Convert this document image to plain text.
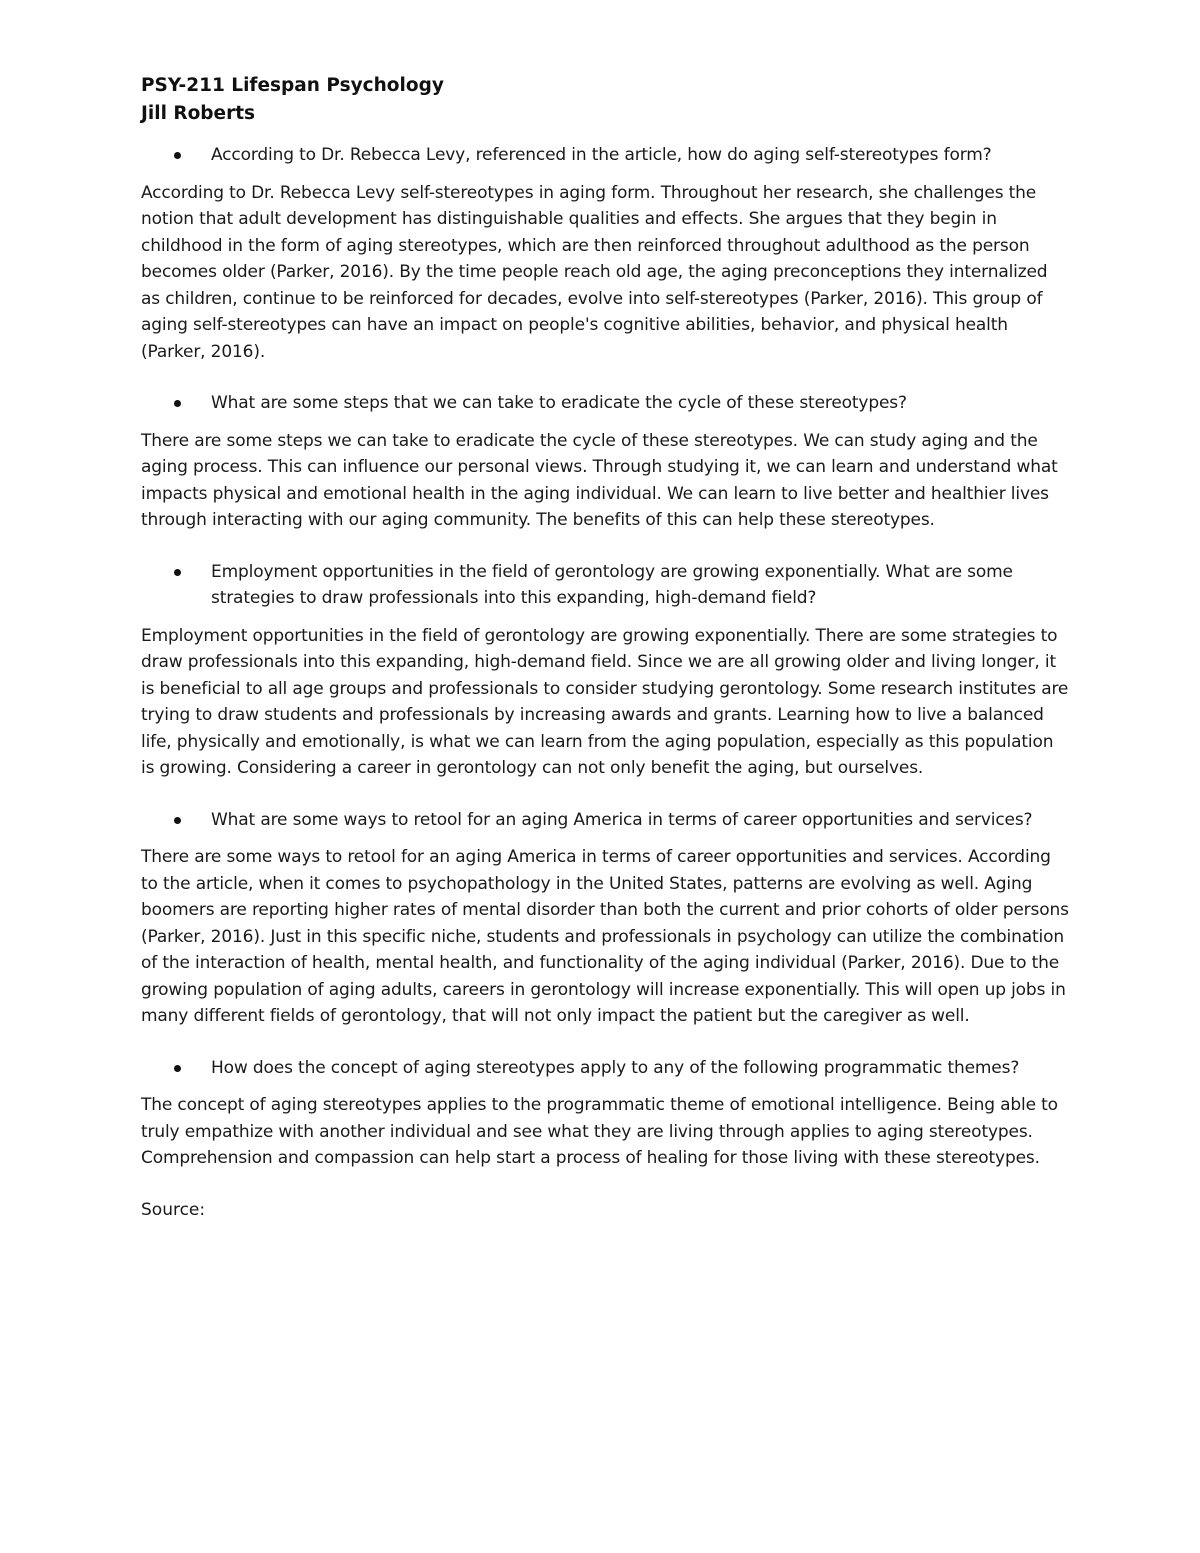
PSY-211 Lifespan Psychology
Jill Roberts
According to Dr. Rebecca Levy, referenced in the article, how do aging self-stereotypes form?

According to Dr. Rebecca Levy self-stereotypes in aging form. Throughout her research, she challenges the notion that adult development has distinguishable qualities and effects. She argues that they begin in childhood in the form of aging stereotypes, which are then reinforced throughout adulthood as the person becomes older (Parker, 2016). By the time people reach old age, the aging preconceptions they internalized as children, continue to be reinforced for decades, evolve into self-stereotypes (Parker, 2016). This group of aging self-stereotypes can have an impact on people's cognitive abilities, behavior, and physical health (Parker, 2016).

What are some steps that we can take to eradicate the cycle of these stereotypes?

There are some steps we can take to eradicate the cycle of these stereotypes. We can study aging and the aging process. This can influence our personal views. Through studying it, we can learn and understand what impacts physical and emotional health in the aging individual. We can learn to live better and healthier lives through interacting with our aging community. The benefits of this can help these stereotypes.

Employment opportunities in the field of gerontology are growing exponentially. What are some strategies to draw professionals into this expanding, high-demand field?

Employment opportunities in the field of gerontology are growing exponentially. There are some strategies to draw professionals into this expanding, high-demand field. Since we are all growing older and living longer, it is beneficial to all age groups and professionals to consider studying gerontology. Some research institutes are trying to draw students and professionals by increasing awards and grants. Learning how to live a balanced life, physically and emotionally, is what we can learn from the aging population, especially as this population is growing. Considering a career in gerontology can not only benefit the aging, but ourselves.

What are some ways to retool for an aging America in terms of career opportunities and services?

There are some ways to retool for an aging America in terms of career opportunities and services. According to the article, when it comes to psychopathology in the United States, patterns are evolving as well. Aging boomers are reporting higher rates of mental disorder than both the current and prior cohorts of older persons (Parker, 2016). Just in this specific niche, students and professionals in psychology can utilize the combination of the interaction of health, mental health, and functionality of the aging individual (Parker, 2016). Due to the growing population of aging adults, careers in gerontology will increase exponentially. This will open up jobs in many different fields of gerontology, that will not only impact the patient but the caregiver as well.

How does the concept of aging stereotypes apply to any of the following programmatic themes?

The concept of aging stereotypes applies to the programmatic theme of emotional intelligence. Being able to truly empathize with another individual and see what they are living through applies to aging stereotypes. Comprehension and compassion can help start a process of healing for those living with these stereotypes.

Source:
